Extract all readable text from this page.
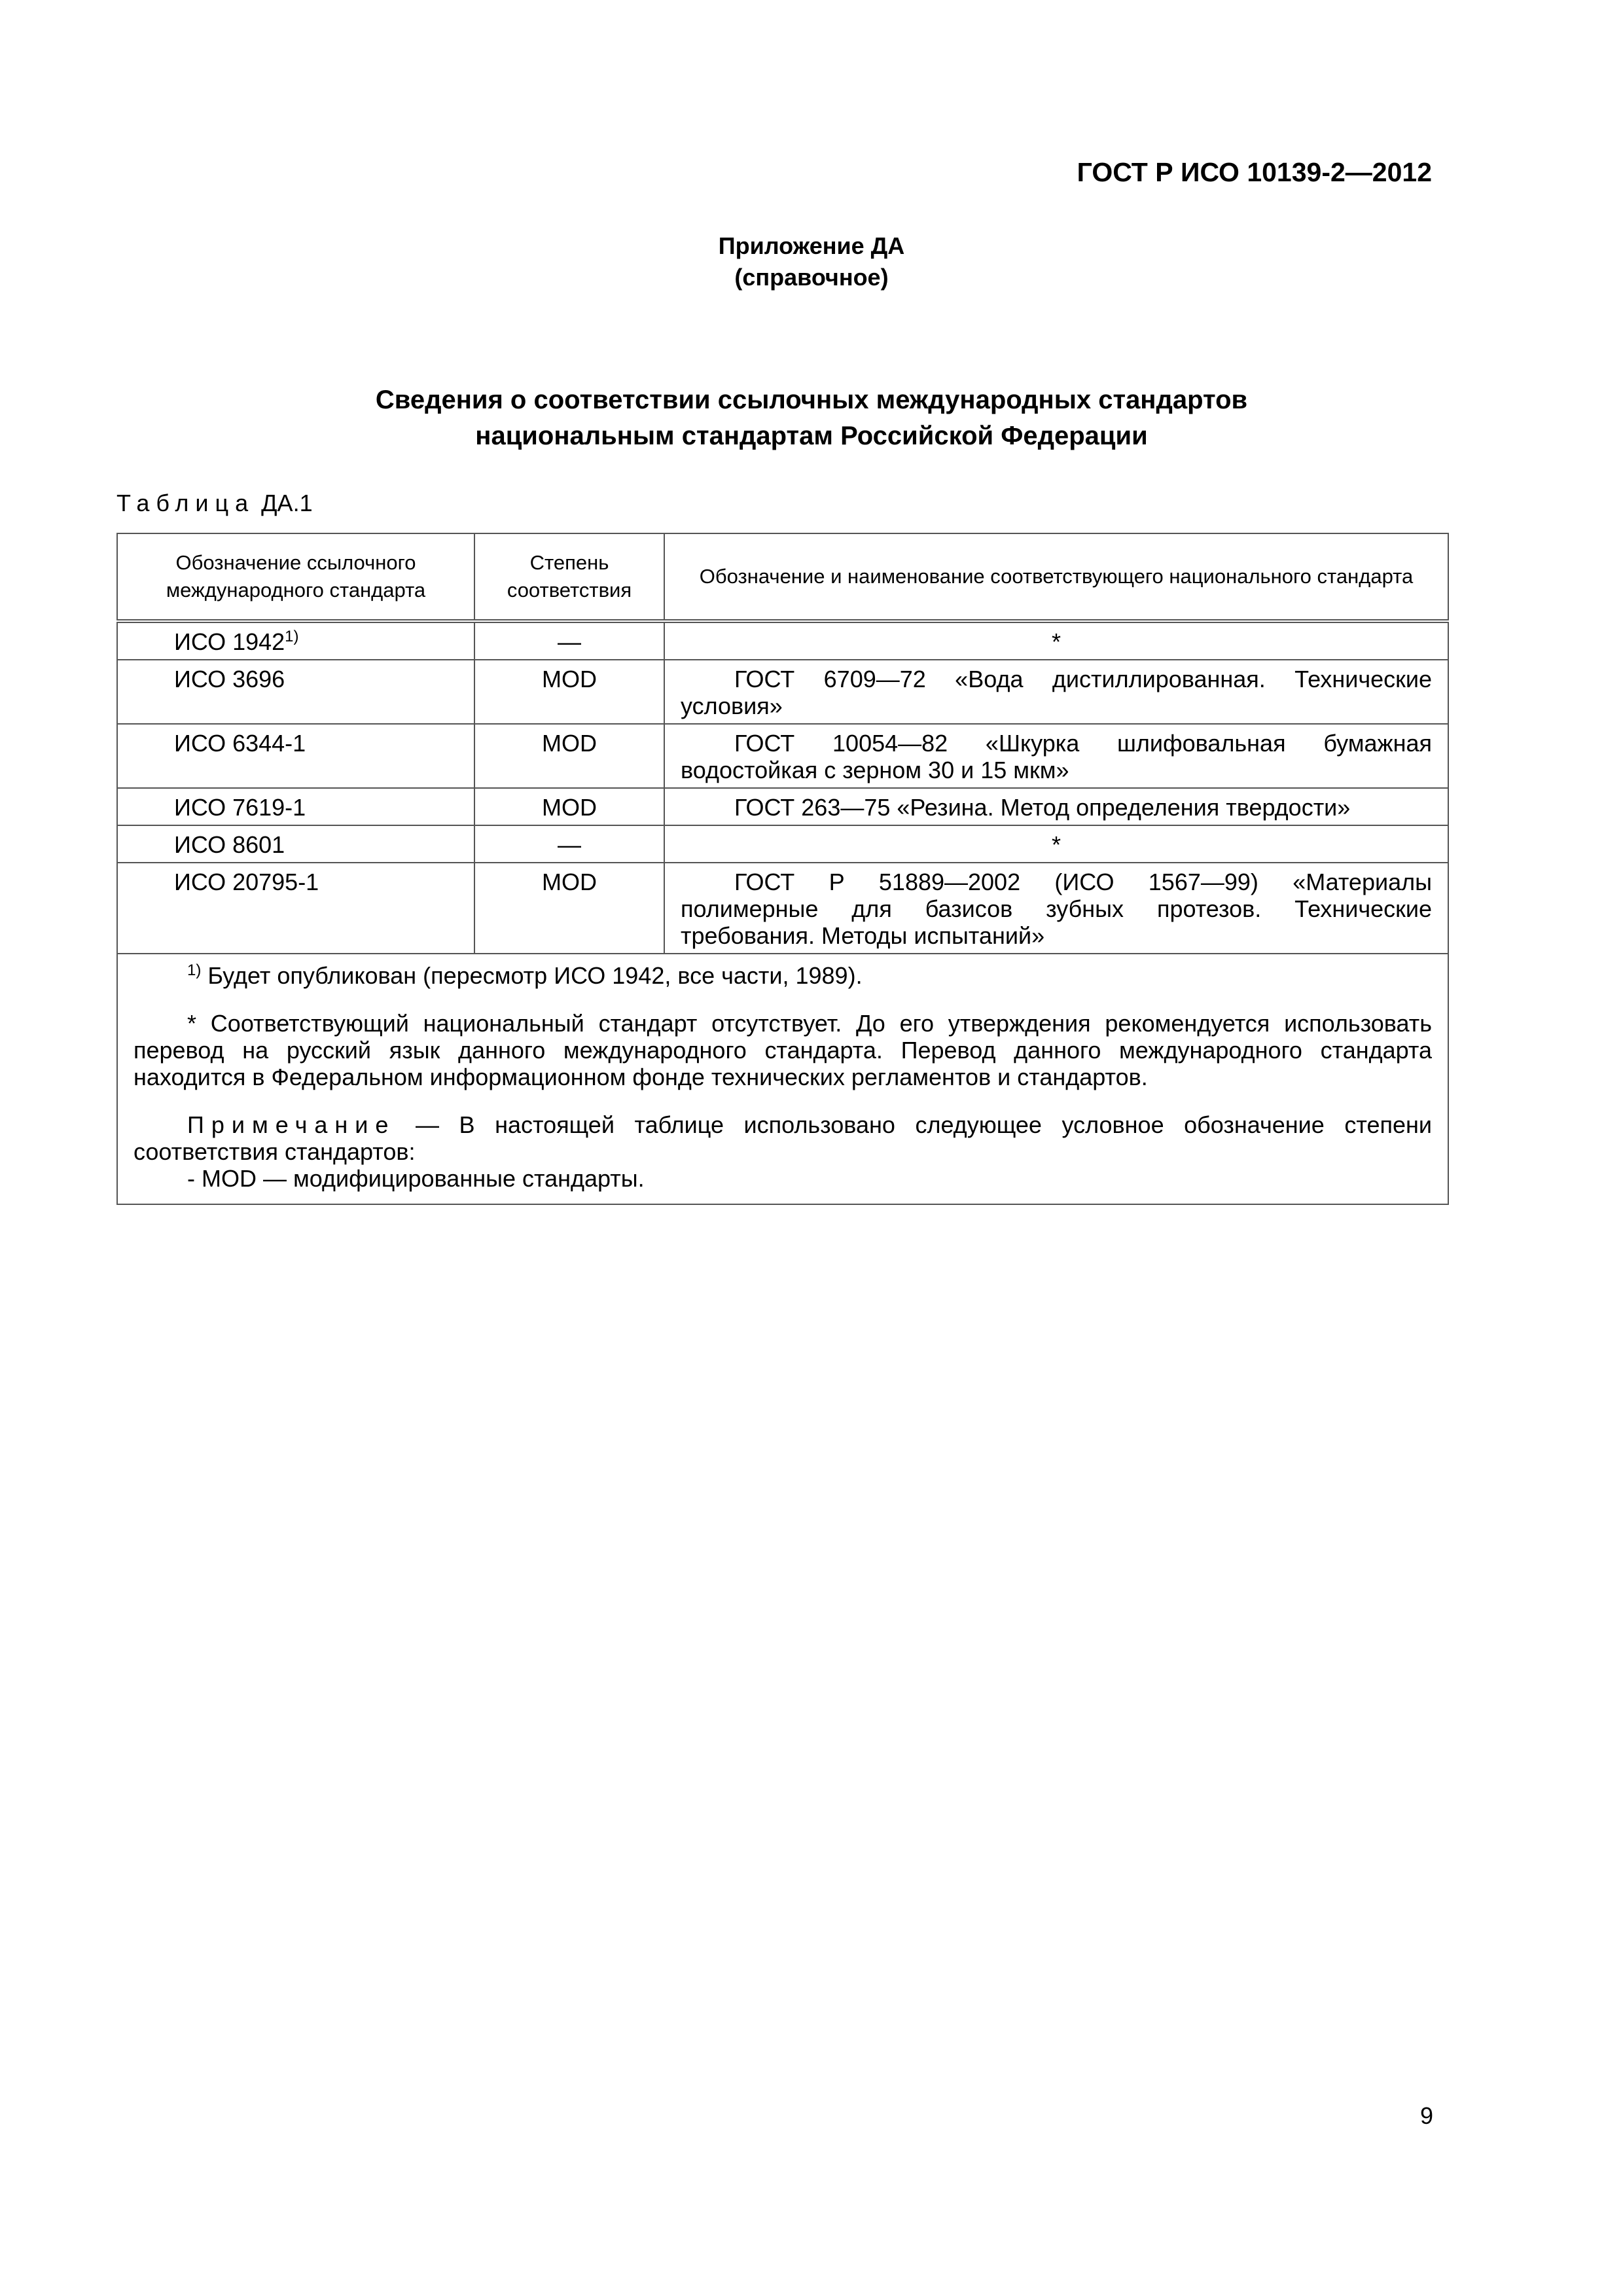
ГОСТ Р ИСО 10139-2—2012
Приложение ДА
(справочное)
Сведения о соответствии ссылочных международных стандартов
национальным стандартам Российской Федерации
Таблица ДА.1
Обозначение ссылочного международного стандарта	Степень соответствия	Обозначение и наименование соответствующего национального стандарта
ИСО 1942$^{1)}$	—	*
ИСО 3696	MOD	ГОСТ 6709—72 «Вода дистиллированная. Технические условия»
ИСО 6344-1	MOD	ГОСТ 10054—82 «Шкурка шлифовальная бумажная водостойкая с зерном 30 и 15 мкм»
ИСО 7619-1	MOD	ГОСТ 263—75 «Резина. Метод определения твердости»
ИСО 8601	—	*
ИСО 20795-1	MOD	ГОСТ Р 51889—2002 (ИСО 1567—99) «Материалы полимерные для базисов зубных протезов. Технические требования. Методы испытаний»

$^{1)}$ Будет опубликован (пересмотр ИСО 1942, все части, 1989).

* Соответствующий национальный стандарт отсутствует. До его утверждения рекомендуется использовать перевод на русский язык данного международного стандарта. Перевод данного международного стандарта находится в Федеральном информационном фонде технических регламентов и стандартов.

Примечание — В настоящей таблице использовано следующее условное обозначение степени соответствия стандартов:

- MOD — модифицированные стандарты.		

9
